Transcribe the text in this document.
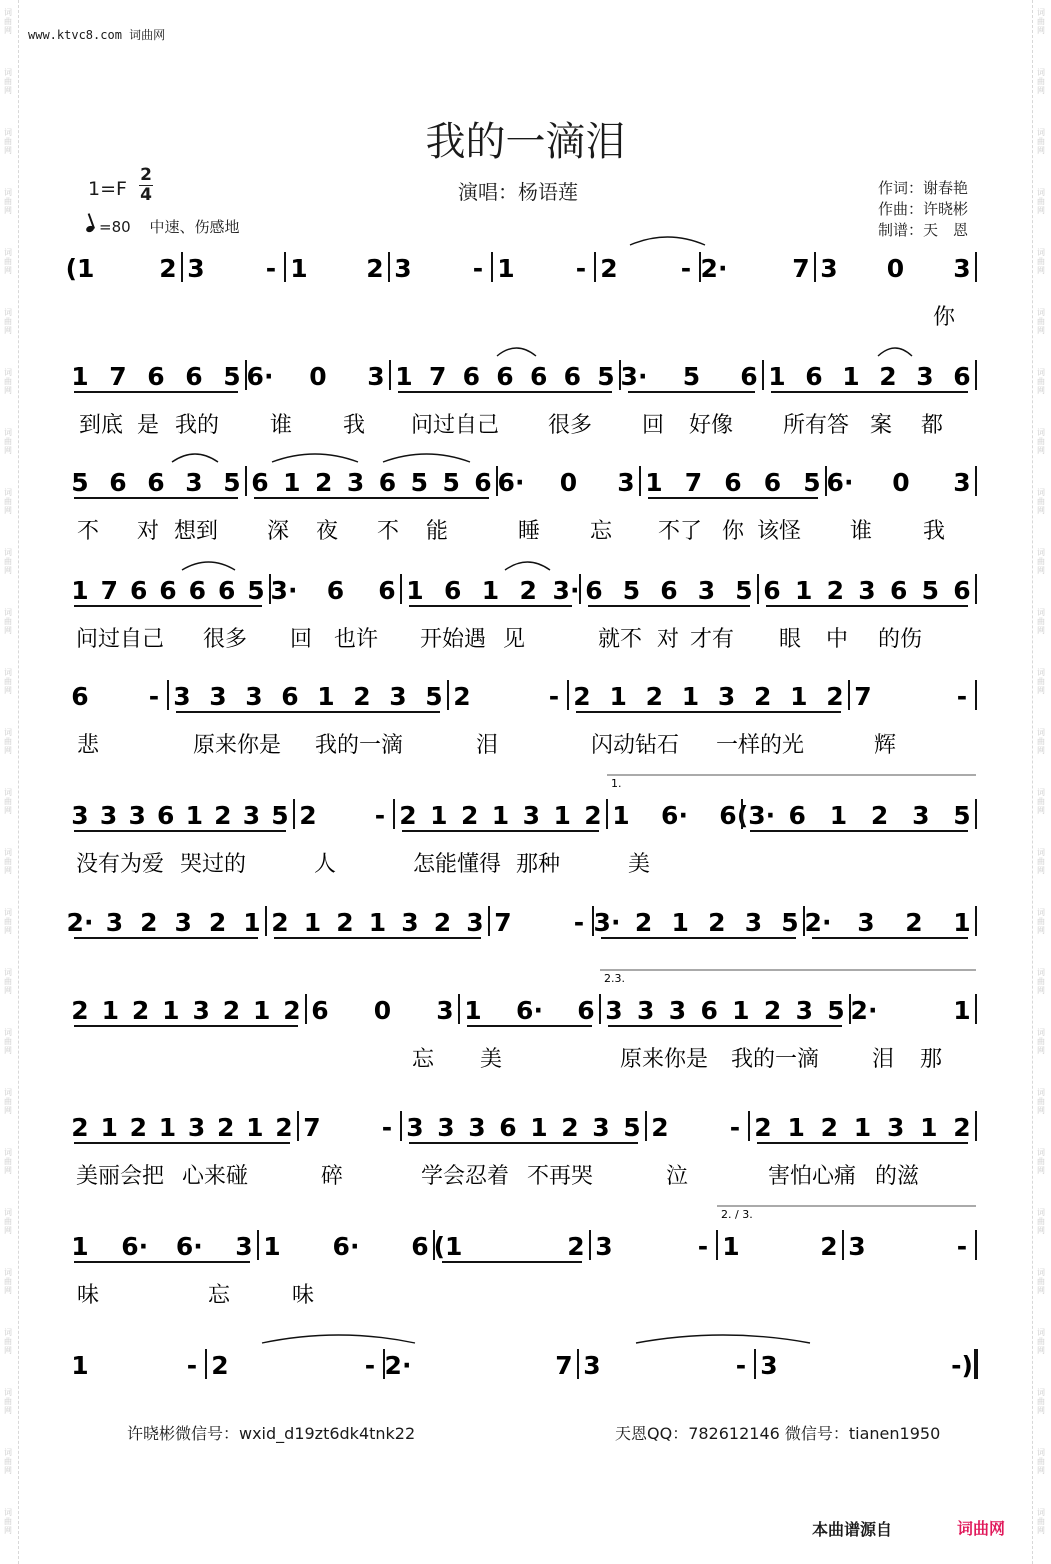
词
曲
网
词
曲
网
词
曲
网
词
曲
网
词
曲
网
词
曲
网
词
曲
网
词
曲
网
词
曲
网
词
曲
网
词
曲
网
词
曲
网
词
曲
网
词
曲
网
词
曲
网
词
曲
网
词
曲
网
词
曲
网
词
曲
网
词
曲
网
词
曲
网
词
曲
网
词
曲
网
词
曲
网
词
曲
网
词
曲
网
词
曲
网
词
曲
网
词
曲
网
词
曲
网
词
曲
网
词
曲
网
词
曲
网
词
曲
网
词
曲
网
词
曲
网
词
曲
网
词
曲
网
词
曲
网
词
曲
网
词
曲
网
词
曲
网
词
曲
网
词
曲
网
词
曲
网
词
曲
网
词
曲
网
词
曲
网
词
曲
网
词
曲
网
词
曲
网
词
曲
网
www.ktvc8.com 词曲网
我的一滴泪
$1=F \frac{2}{4}$	演唱：杨语莲	作词：谢春艳
作曲：许晓彬
制谱：天　恩
=80 中速、伤感地
(1	2 3 - 1 2 3 - 1 - 2	- 2·	7 3 0 3
你
1 7 6 6 5 6· 0 3 1 7 6 6 6 6 5 3· 5 6 1 6 1 2 3 6
到底 是 我的 谁 我 问过自己 很多 回 好像 所有答 案 都
5 6 6 3 5 6 1 2 3 6 5 5 6 6· 0 3 1 7 6 6 5 6· 0 3
不 对 想到 深 夜 不 能	睡 忘 不了 你 该怪 谁 我
1 7 6 6 6 6 5 3· 6 6 1 6 1 2 3· 6 5 6 3 5 6 1 2 3 6 5 6
问过自己 很多 回 也许 开始遇 见	就不 对 才有 眼 中 的伤
6 - 3 3 3 6 1 2 3 5 2	- 2 1 2 1 3 2 1 2 7	-
悲	原来你是 我的一滴	泪	闪动钻石 一样的光	辉
3 3 3 6 1 2 3 5 2 - 2 1 2 1 3 1 2 1 6· 6 (3· 6 1 2 3 5
1.
没有为爱 哭过的	人	怎能懂得 那种	美
2· 3 2 3 2 1 2 1 2 1 3 2 3 7 - 3· 2 1 2 3 5 2· 3 2 1
2 1 2 1 3 2 1 2 6 0 3 1 6· 6 3 3 3 6 1 2 3 5 2·	1
2.3.
忘 美	原来你是 我的一滴 泪 那
2 1 2 1 3 2 1 2 7 - 3 3 3 6 1 2 3 5 2 - 2 1 2 1 3 1 2
美丽会把 心来碰	碎	学会忍着 不再哭	泣	害怕心痛 的滋
1 6· 6· 3 1 6· 6 (1	2 3	- 1	2 3	-
2. / 3.
味	忘	味
1	- 2	- 2·	7 3	- 3	-)
许晓彬微信号：wxid_d19zt6dk4tnk22	天恩QQ：782612146 微信号：tianen1950
本曲谱源自	词曲网
